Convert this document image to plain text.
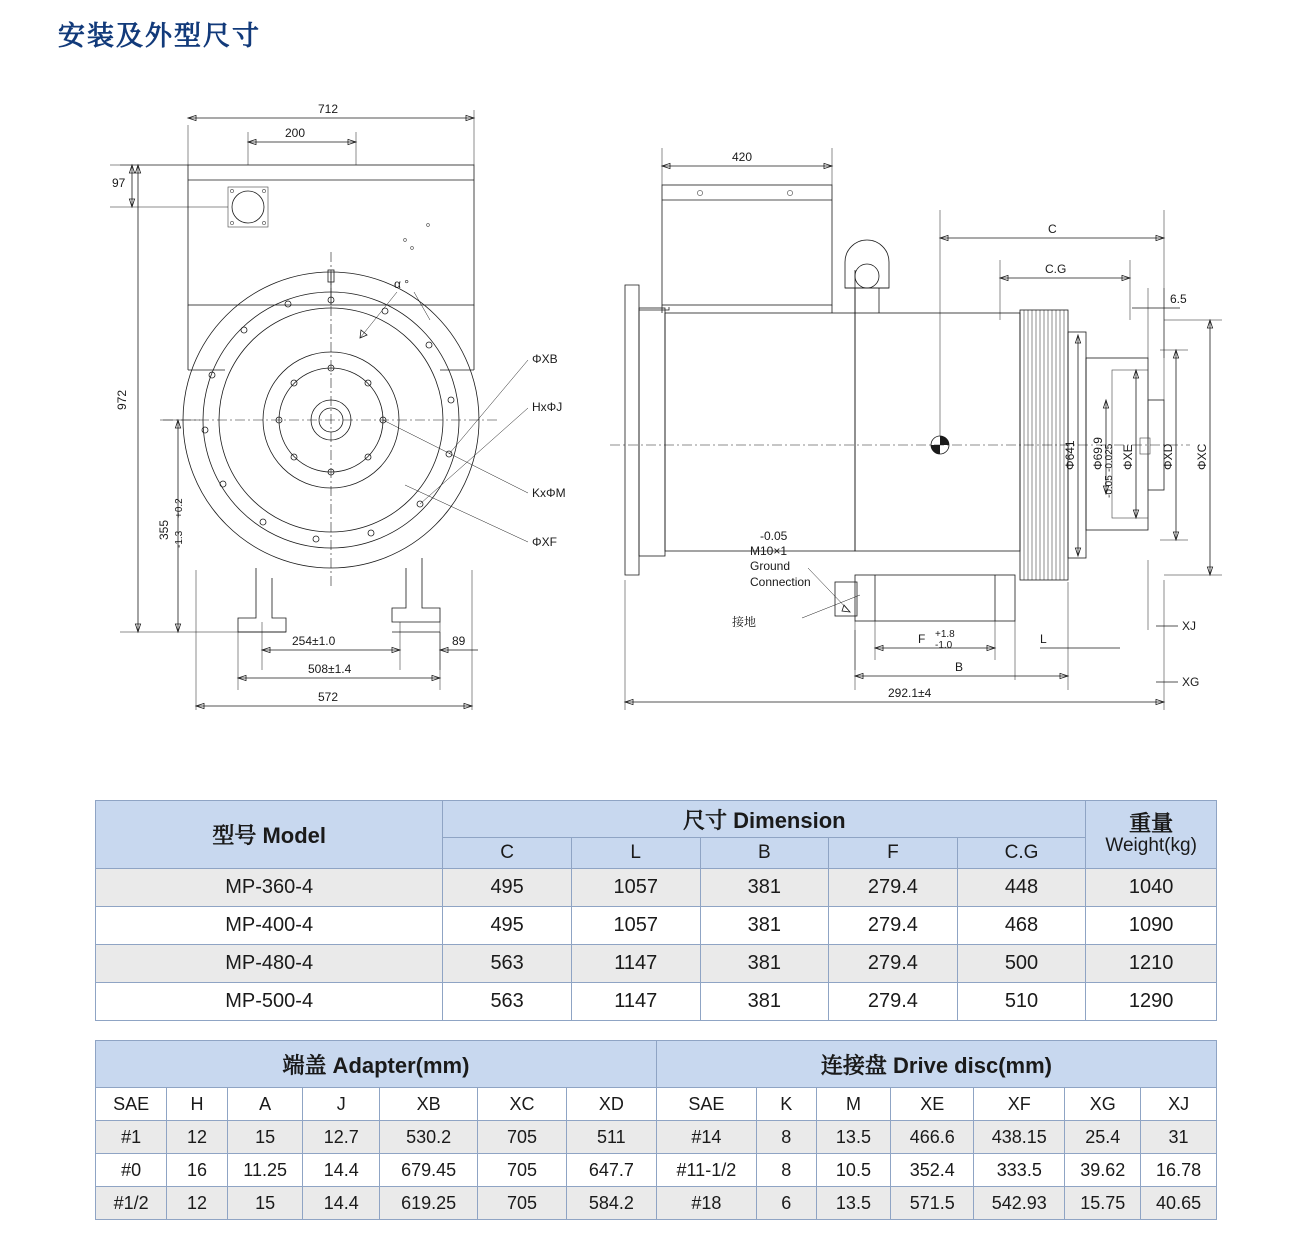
安装及外型尺寸
712
200
97
α °
972
355
+0.2
-1.3
254±1.0	89
508±1.4
572
ΦXB
HxΦJ
KxΦM
ΦXF
420
-0.05
M10×1
Ground
Connection
接地
C
C.G
6.5
Φ641 Φ69.9 -0.025
-0.05
ΦXE ΦXD ΦXC
F +1.8
-1.0	L
B
292.1±4
XJ
XG
型号 Model	尺寸 Dimension					重量
Weight(kg)

	C	L	B	F	C.G	
MP-360-4	495	1057	381	279.4	448	1040
MP-400-4	495	1057	381	279.4	468	1090
MP-480-4	563	1147	381	279.4	500	1210
MP-500-4	563	1147	381	279.4	510	1290
端盖 Adapter(mm)							连接盘 Drive disc(mm)						
SAE	H	A	J	XB	XC	XD	SAE	K	M	XE	XF	XG	XJ
#1	12	15	12.7	530.2	705	511	#14	8	13.5	466.6	438.15	25.4	31
#0	16	11.25	14.4	679.45	705	647.7	#11-1/2	8	10.5	352.4	333.5	39.62	16.78
#1/2	12	15	14.4	619.25	705	584.2	#18	6	13.5	571.5	542.93	15.75	40.65
